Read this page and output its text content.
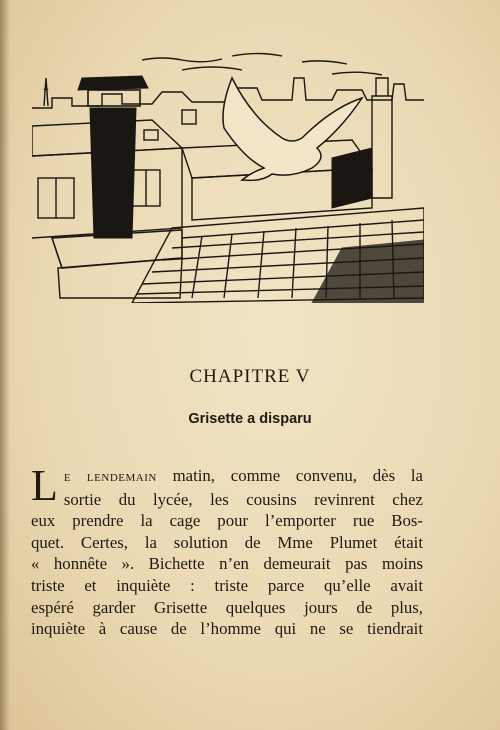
CHAPITRE V
Grisette a disparu
L e lendemain matin, comme convenu, dès la
sortie du lycée, les cousins revinrent chez
eux prendre la cage pour l’emporter rue Bos-
quet. Certes, la solution de Mme Plumet était
« honnête ». Bichette n’en demeurait pas moins
triste et inquiète : triste parce qu’elle avait
espéré garder Grisette quelques jours de plus,
inquiète à cause de l’homme qui ne se tiendrait
